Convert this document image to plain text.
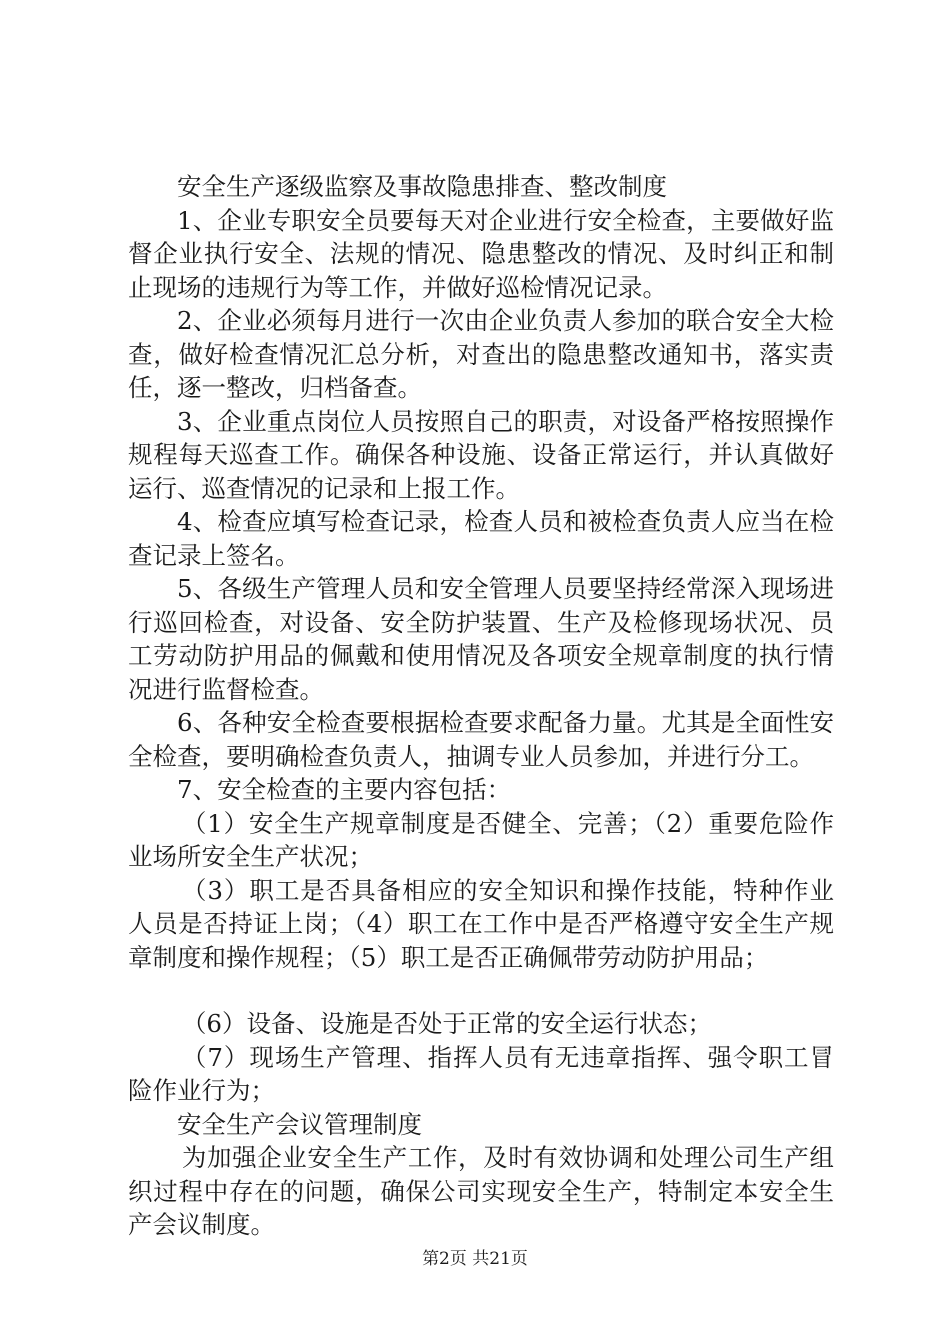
安全生产逐级监察及事故隐患排查、整改制度

1、企业专职安全员要每天对企业进行安全检查，主要做好监督企业执行安全、法规的情况、隐患整改的情况、及时纠正和制止现场的违规行为等工作，并做好巡检情况记录。

2、企业必须每月进行一次由企业负责人参加的联合安全大检查，做好检查情况汇总分析，对查出的隐患整改通知书，落实责任，逐一整改，归档备查。

3、企业重点岗位人员按照自己的职责，对设备严格按照操作规程每天巡查工作。确保各种设施、设备正常运行，并认真做好运行、巡查情况的记录和上报工作。

4、检查应填写检查记录，检查人员和被检查负责人应当在检查记录上签名。

5、各级生产管理人员和安全管理人员要坚持经常深入现场进行巡回检查，对设备、安全防护装置、生产及检修现场状况、员工劳动防护用品的佩戴和使用情况及各项安全规章制度的执行情况进行监督检查。

6、各种安全检查要根据检查要求配备力量。尤其是全面性安全检查，要明确检查负责人，抽调专业人员参加，并进行分工。

7、安全检查的主要内容包括：

（1）安全生产规章制度是否健全、完善；（2）重要危险作业场所安全生产状况；

（3）职工是否具备相应的安全知识和操作技能，特种作业人员是否持证上岗；（4）职工在工作中是否严格遵守安全生产规章制度和操作规程；（5）职工是否正确佩带劳动防护用品；

（6）设备、设施是否处于正常的安全运行状态；

（7）现场生产管理、指挥人员有无违章指挥、强令职工冒险作业行为；

安全生产会议管理制度

为加强企业安全生产工作，及时有效协调和处理公司生产组织过程中存在的问题，确保公司实现安全生产，特制定本安全生产会议制度。

第2页 共21页
